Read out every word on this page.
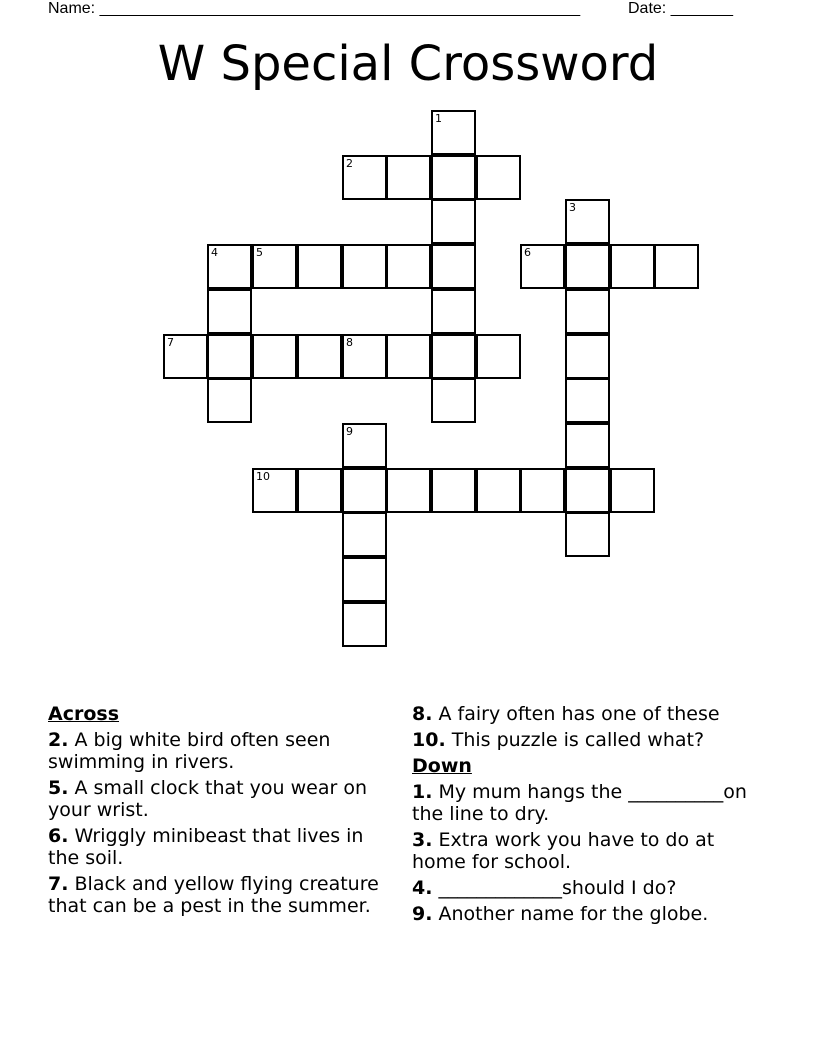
Name: ______________________________________________________	Date: _______
W Special Crossword
1
2
3
4	5	6
7	8
9
10
Across
2. A big white bird often seen swimming in rivers.
5. A small clock that you wear on your wrist.
6. Wriggly minibeast that lives in the soil.
7. Black and yellow flying creature that can be a pest in the summer.
8. A fairy often has one of these
10. This puzzle is called what?
Down
1. My mum hangs the __________on the line to dry.
3. Extra work you have to do at home for school.
4. _____________should I do?
9. Another name for the globe.
